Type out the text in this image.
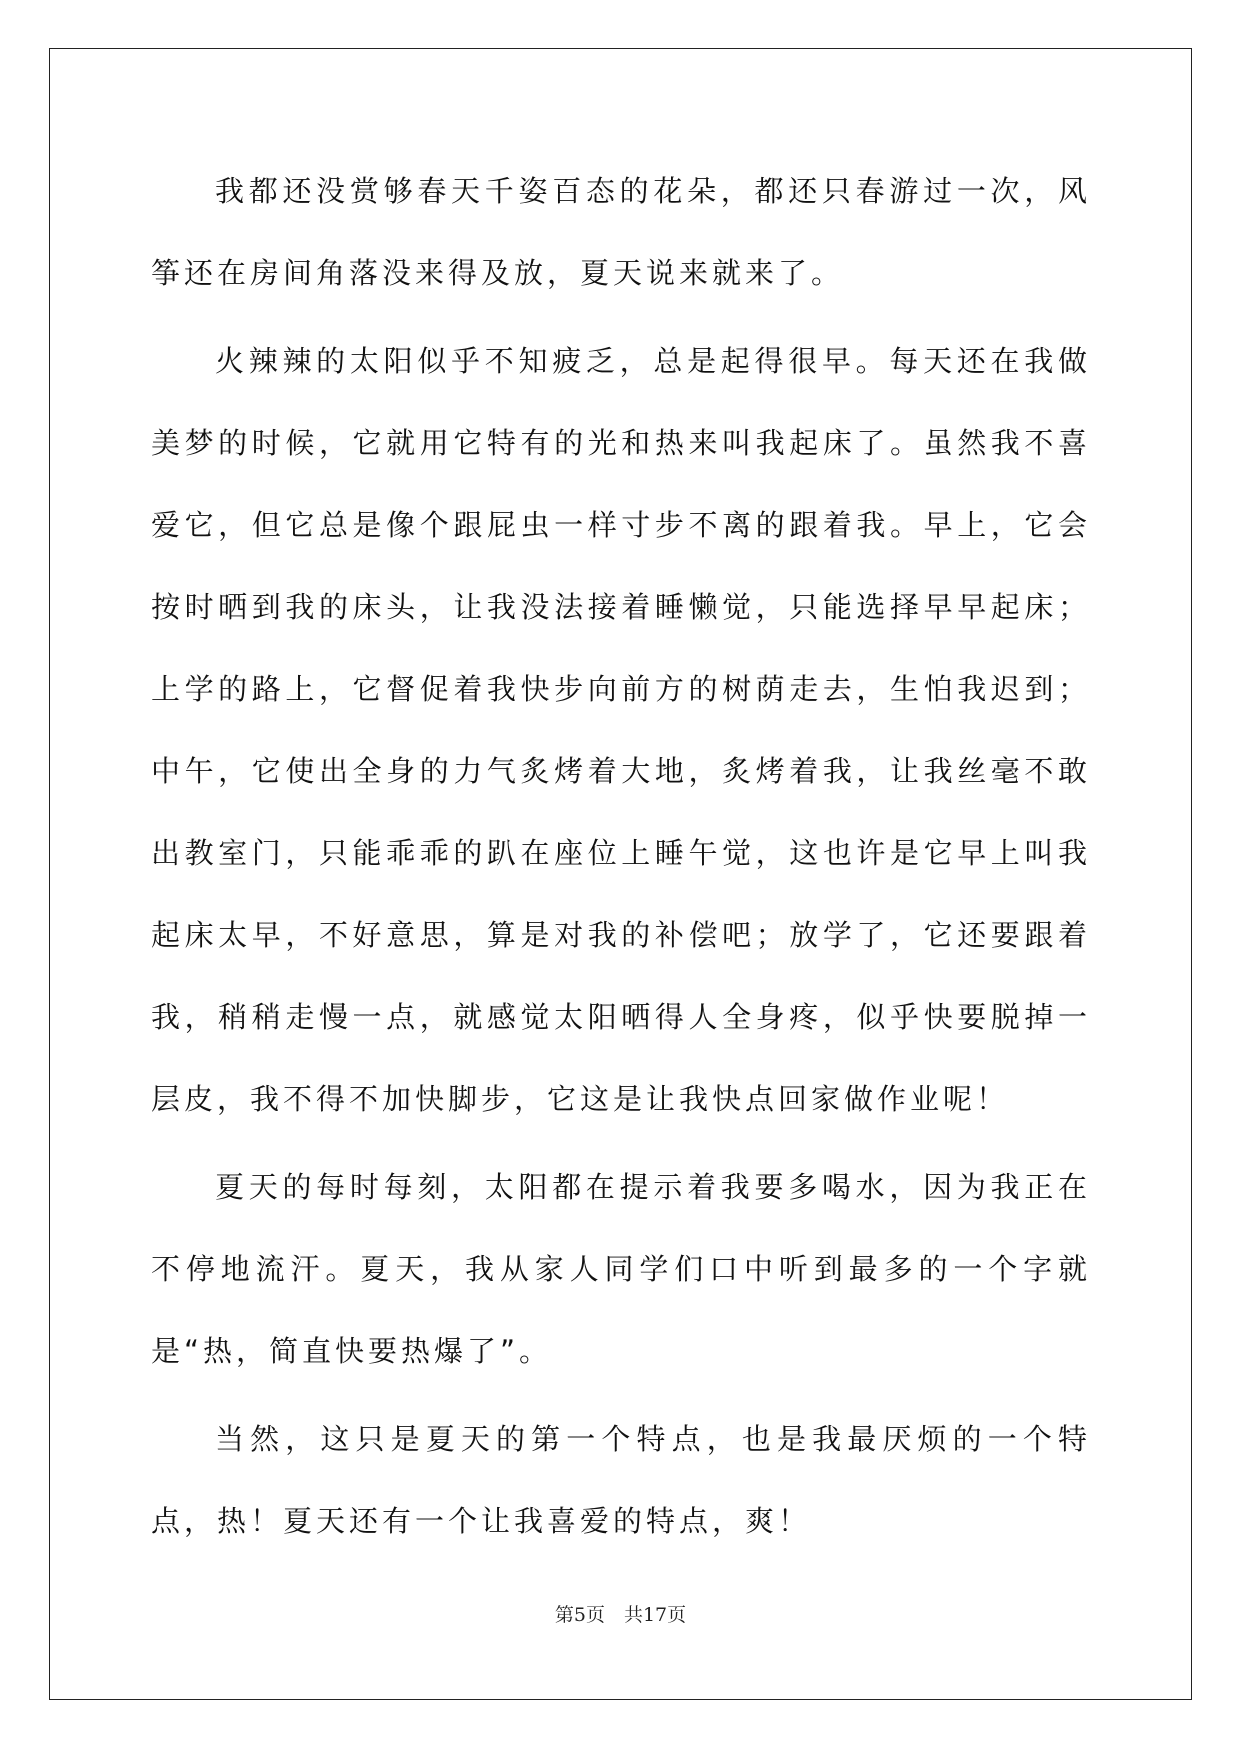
我都还没赏够春天千姿百态的花朵，都还只春游过一次，风筝还在房间角落没来得及放，夏天说来就来了。

火辣辣的太阳似乎不知疲乏，总是起得很早。每天还在我做美梦的时候，它就用它特有的光和热来叫我起床了。虽然我不喜爱它，但它总是像个跟屁虫一样寸步不离的跟着我。早上，它会按时晒到我的床头，让我没法接着睡懒觉，只能选择早早起床；上学的路上，它督促着我快步向前方的树荫走去，生怕我迟到；中午，它使出全身的力气炙烤着大地，炙烤着我，让我丝毫不敢出教室门，只能乖乖的趴在座位上睡午觉，这也许是它早上叫我起床太早，不好意思，算是对我的补偿吧；放学了，它还要跟着我，稍稍走慢一点，就感觉太阳晒得人全身疼，似乎快要脱掉一层皮，我不得不加快脚步，它这是让我快点回家做作业呢！

夏天的每时每刻，太阳都在提示着我要多喝水，因为我正在不停地流汗。夏天，我从家人同学们口中听到最多的一个字就是“热，简直快要热爆了”。

当然，这只是夏天的第一个特点，也是我最厌烦的一个特点，热！夏天还有一个让我喜爱的特点，爽！

第5页　共17页
